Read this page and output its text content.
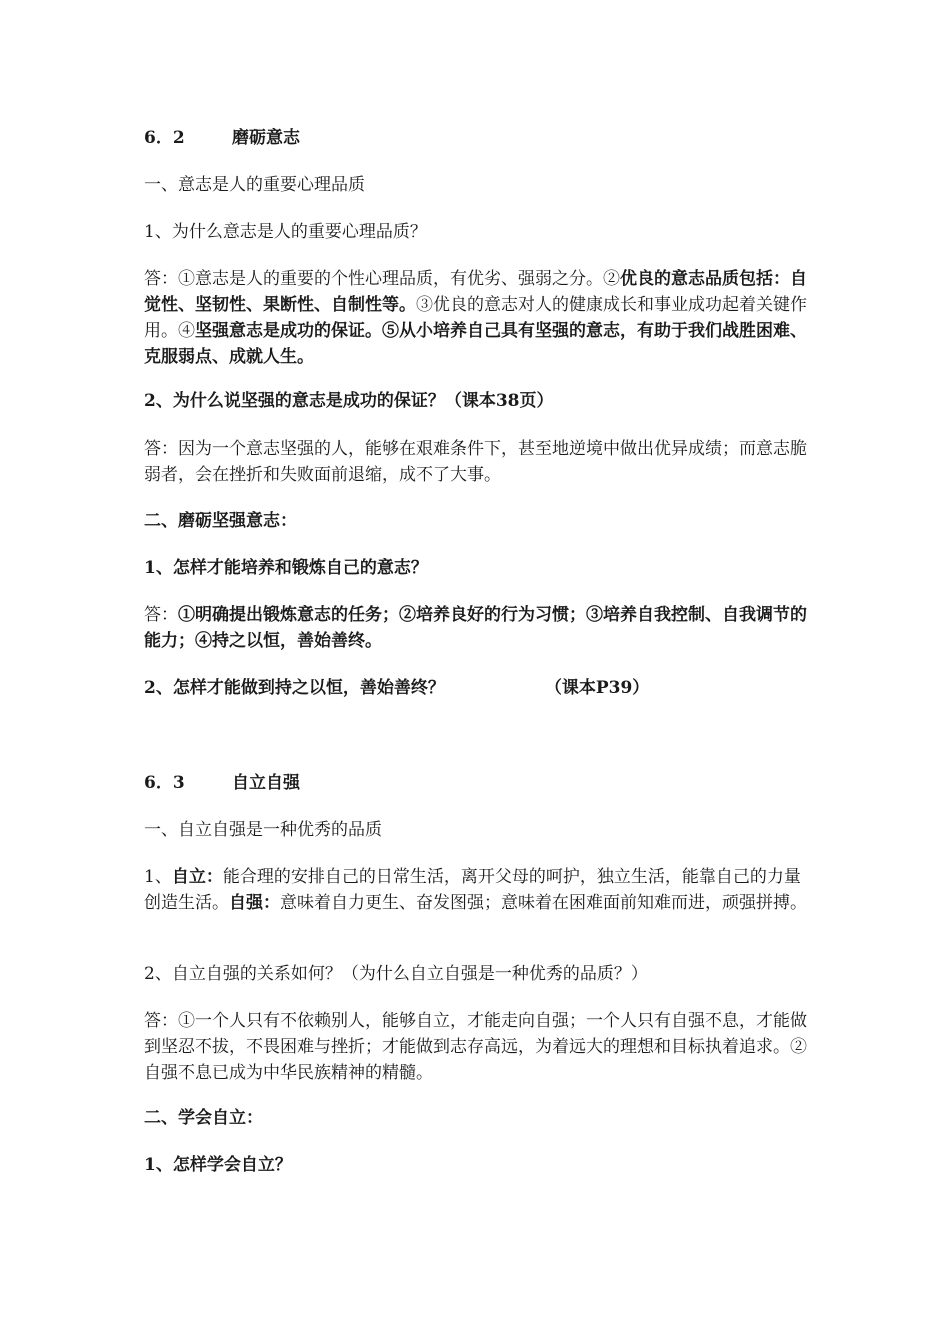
6．2	磨砺意志

一、意志是人的重要心理品质

1、为什么意志是人的重要心理品质？

答：①意志是人的重要的个性心理品质，有优劣、强弱之分。②优良的意志品质包括：自觉性、坚韧性、果断性、自制性等。③优良的意志对人的健康成长和事业成功起着关键作用。④坚强意志是成功的保证。⑤从小培养自己具有坚强的意志，有助于我们战胜困难、克服弱点、成就人生。

2、为什么说坚强的意志是成功的保证？（课本38页）

答：因为一个意志坚强的人，能够在艰难条件下，甚至地逆境中做出优异成绩；而意志脆弱者，会在挫折和失败面前退缩，成不了大事。

二、磨砺坚强意志：

1、怎样才能培养和锻炼自己的意志？

答：①明确提出锻炼意志的任务；②培养良好的行为习惯；③培养自我控制、自我调节的能力；④持之以恒，善始善终。

2、怎样才能做到持之以恒，善始善终？	（课本P39）

6．3	自立自强

一、自立自强是一种优秀的品质

1、自立：能合理的安排自己的日常生活，离开父母的呵护，独立生活，能靠自己的力量创造生活。自强：意味着自力更生、奋发图强；意味着在困难面前知难而进，顽强拼搏。

2、自立自强的关系如何？（为什么自立自强是一种优秀的品质？）

答：①一个人只有不依赖别人，能够自立，才能走向自强；一个人只有自强不息，才能做到坚忍不拔，不畏困难与挫折；才能做到志存高远，为着远大的理想和目标执着追求。②自强不息已成为中华民族精神的精髓。

二、学会自立：

1、怎样学会自立？
